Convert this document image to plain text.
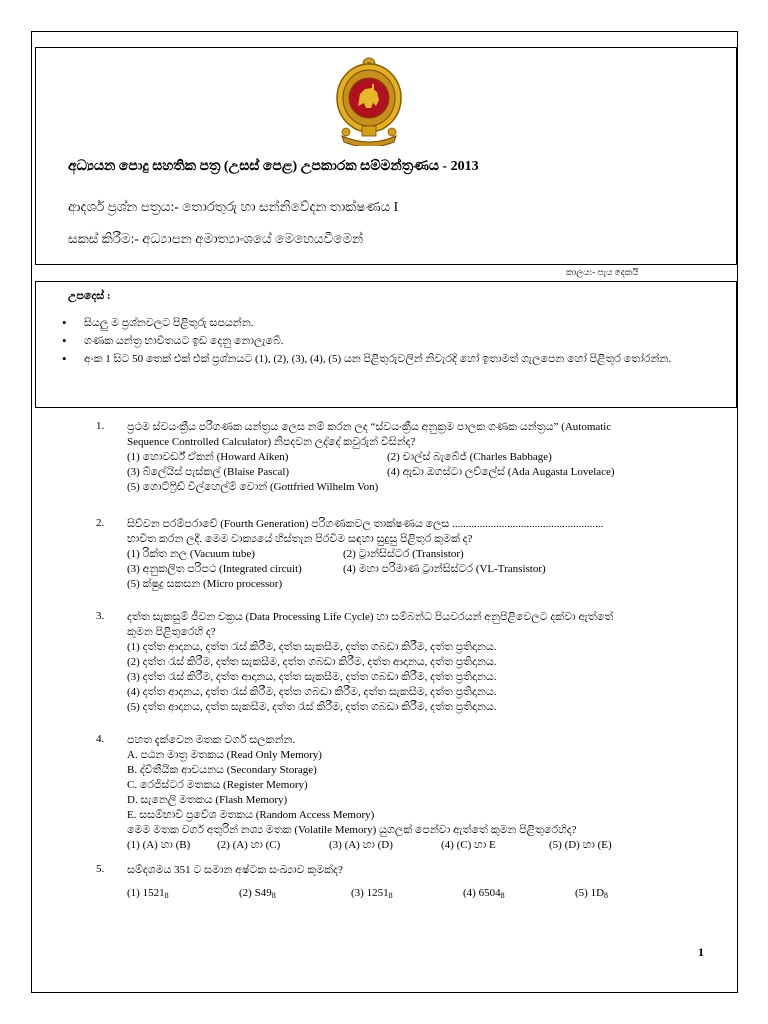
අධ්‍යයන පොදු සහතික පත්‍ර (උසස් පෙළ) උපකාරක සම්මන්ත්‍රණය - 2013
ආදර්ශ ප්‍රශ්න පත්‍රය:- තොරතුරු හා සන්නිවේදන තාක්ෂණය I
සකස් කිරීම:- අධ්‍යාපන අමාත්‍යාංශයේ මෙහෙයවීමෙන්
කාලය:- පැය දෙකයි
උපදෙස් :
• සියලු ම ප්‍රශ්නවලට පිළිතුරු සපයන්න.
• ගණක යන්ත්‍ර භාවිතයට ඉඩ දෙනු නොලැබේ.
• අංක 1 සිට 50 තෙක් එක් එක් ප්‍රශ්නයට (1), (2), (3), (4), (5) යන පිළිතුරුවලින් නිවැරදි හෝ ඉතාමත් ගැලපෙන හෝ පිළිතුර තෝරන්න.
1.	ප්‍රථම ස්වයංක්‍රීය පරිගණක යන්ත්‍රය ලෙස නම් කරන ලද “ස්වයංක්‍රීය අනුක්‍රම පාලක ගණක යන්ත්‍රය” (Automatic
Sequence Controlled Calculator) නිපදවන ලද්දේ කවුරුන් විසින්ද?
(1) හොවර්ඩ් ඒකන් (Howard Aiken)	(2) චාල්ස් බැබේජ් (Charles Babbage)
(3) බ්ලේයිස් පැස්කල් (Blaise Pascal)	(4) ඇඩා ඔගස්ටා ලව්ලේස් (Ada Augasta Lovelace)
(5) ගොට්ෆ්‍රිඩ් විල්හෙල්ම් වොන් (Gottfried Wilhelm Von)
2.	සිව්වන පරම්පරාවේ (Fourth Generation) පරිගණකවල තාක්ෂණය ලෙස .......................................................
භාවිත කරන ලදී. මෙම වාක්‍යයේ හිස්තැන පිරවීම සඳහා සුදුසු පිළිතුර කුමක් ද?
(1) රික්ත නල (Vacuum tube)	(2) ට්‍රාන්සිස්ටර (Transistor)
(3) අනුකලිත පරිපථ (Integrated circuit)	(4) මහා පරිමාණ ට්‍රාන්සිස්ටර (VL-Transistor)
(5) ක්ෂුද්‍ර සකසන (Micro processor)
3.	දත්ත සැකසුම් ජීවන චක්‍රය (Data Processing Life Cycle) හා සම්බන්ධ පියවරයන් අනුපිළිවෙලට දක්වා ඇත්තේ
කුමන පිළිතුරෙහි ද?
(1) දත්ත ආදානය, දත්ත රැස් කිරීම, දත්ත සැකසීම, දත්ත ගබඩා කිරීම, දත්ත ප්‍රතිදානය.
(2) දත්ත රැස් කිරීම, දත්ත සැකසීම, දත්ත ගබඩා කිරීම, දත්ත ආදානය, දත්ත ප්‍රතිදානය.
(3) දත්ත රැස් කිරීම, දත්ත ආදානය, දත්ත සැකසීම, දත්ත ගබඩා කිරීම, දත්ත ප්‍රතිදානය.
(4) දත්ත ආදානය, දත්ත රැස් කිරීම, දත්ත ගබඩා කිරීම, දත්ත සැකසීම, දත්ත ප්‍රතිදානය.
(5) දත්ත ආදානය, දත්ත සැකසීම, දත්ත රැස් කිරීම, දත්ත ගබඩා කිරීම, දත්ත ප්‍රතිදානය.
4.	පහත දැක්වෙන මතක වර්ග සලකන්න.
A. පඨන මාත්‍ර මතකය (Read Only Memory)
B. ද්විතීයික ආචයනය (Secondary Storage)
C. රෙජිස්ටර මතකය (Register Memory)
D. සැනෙලි මතකය (Flash Memory)
E. සසම්භාවී ප්‍රවේශ මතකය (Random Access Memory)
මෙම මතක වර්ග අතුරින් නශ්‍ය මතක (Volatile Memory) යුගලක් පෙන්වා ඇත්තේ කුමන පිළිතුරෙහිද?
(1) (A) හා (B)	(2) (A) හා (C)	(3) (A) හා (D)	(4) (C) හා E	(5) (D) හා (E)
5.	සම්දශමය 351 ට සමාන අෂ්ටක සංඛ්‍යාව කුමක්ද?
(1) 15218	(2) S498	(3) 12518	(4) 65048	(5) 1D8
1
